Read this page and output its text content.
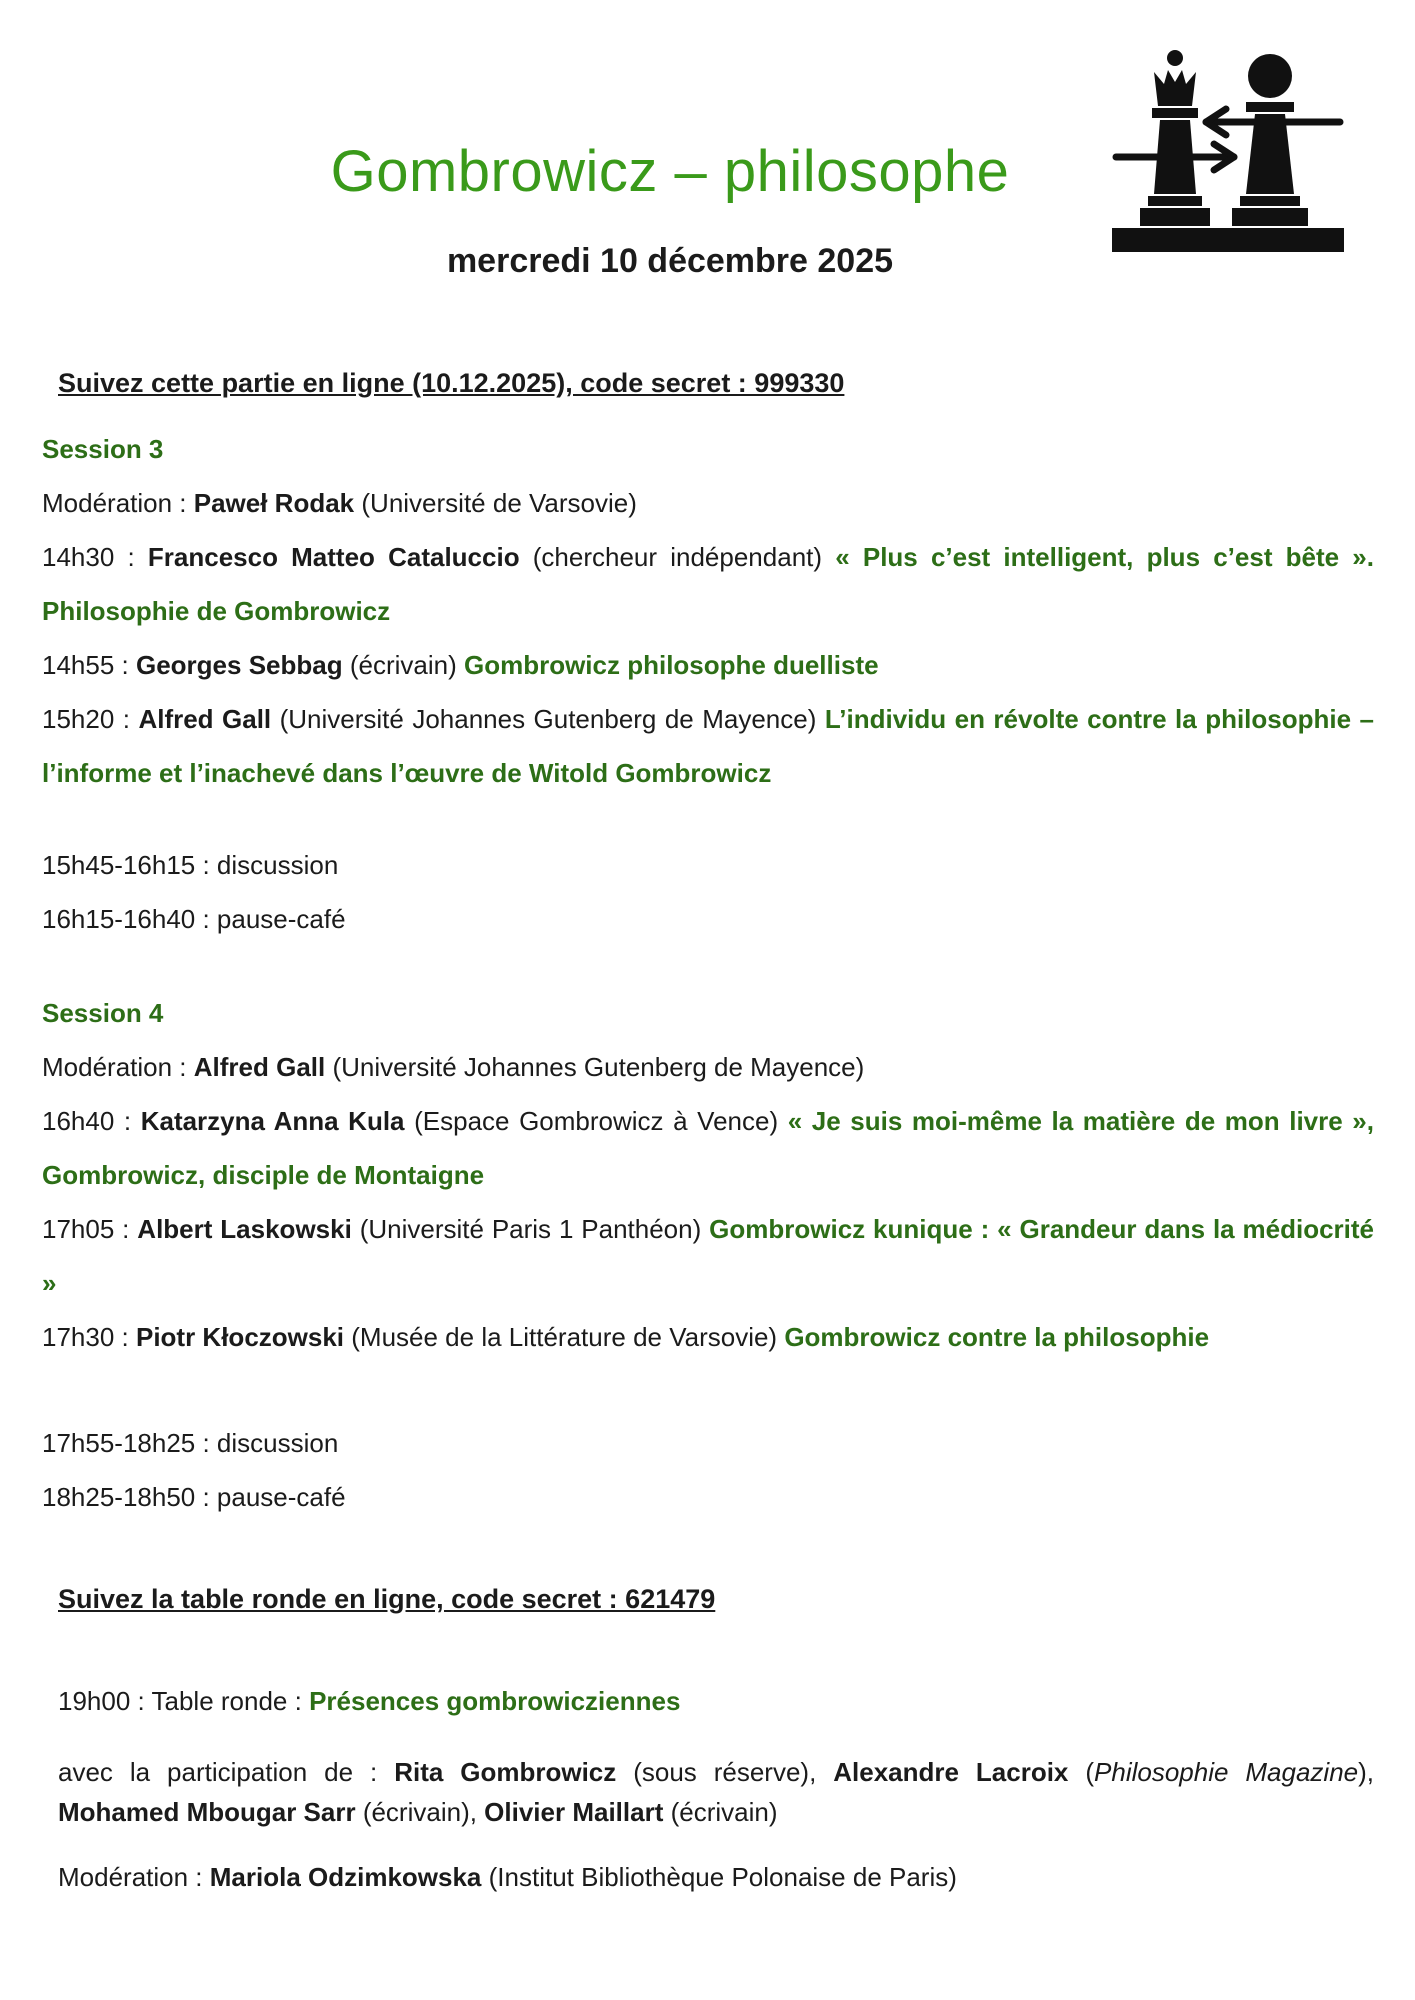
Gombrowicz – philosophe
mercredi 10 décembre 2025
Suivez cette partie en ligne (10.12.2025), code secret : 999330
Session 3
Modération : Paweł Rodak (Université de Varsovie)
14h30 : Francesco Matteo Cataluccio (chercheur indépendant) « Plus c’est intelligent, plus c’est bête ». Philosophie de Gombrowicz
14h55 : Georges Sebbag (écrivain) Gombrowicz philosophe duelliste
15h20 : Alfred Gall (Université Johannes Gutenberg de Mayence) L’individu en révolte contre la philosophie – l’informe et l’inachevé dans l’œuvre de Witold Gombrowicz
15h45-16h15 : discussion
16h15-16h40 : pause-café
Session 4
Modération : Alfred Gall (Université Johannes Gutenberg de Mayence)
16h40 : Katarzyna Anna Kula (Espace Gombrowicz à Vence) « Je suis moi-même la matière de mon livre », Gombrowicz, disciple de Montaigne
17h05 : Albert Laskowski (Université Paris 1 Panthéon) Gombrowicz kunique : « Grandeur dans la médiocrité »
17h30 : Piotr Kłoczowski (Musée de la Littérature de Varsovie) Gombrowicz contre la philosophie
17h55-18h25 : discussion
18h25-18h50 : pause-café
Suivez la table ronde en ligne, code secret : 621479
19h00 : Table ronde : Présences gombrowicziennes
avec la participation de : Rita Gombrowicz (sous réserve), Alexandre Lacroix (Philosophie Magazine), Mohamed Mbougar Sarr (écrivain), Olivier Maillart (écrivain)
Modération : Mariola Odzimkowska (Institut Bibliothèque Polonaise de Paris)
